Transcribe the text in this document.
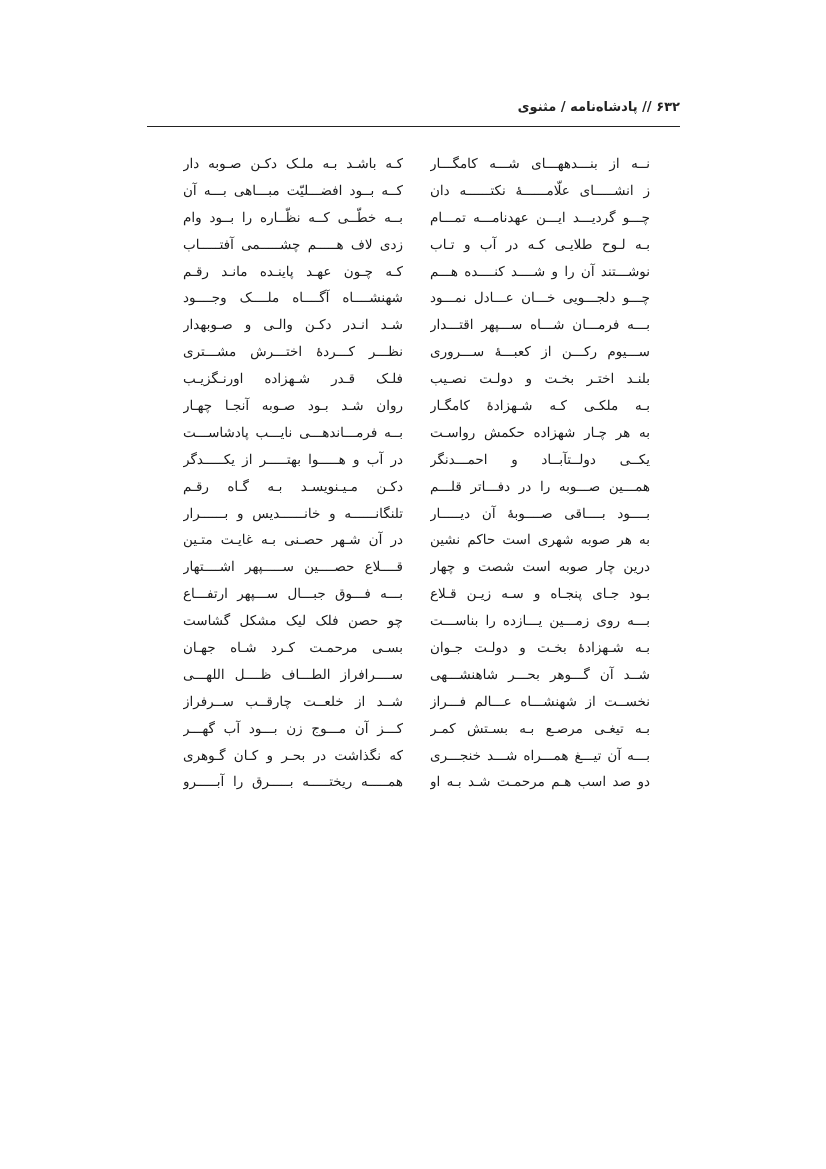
۶۳۲ // پادشاه‌نامه / مثنوی
نــه از بنـــدههـــای شـــه کامگـــار
ز انشـــــای علّامــــــۀ نکتــــــه دان
چـــو گردیـــد ایـــن عهدنامـــه تمـــام
بـه لـوح طلایـی کـه در آب و تـاب
نوشـــتند آن را و شــــد کنــــده هـــم
چـــو دلجـــویی خـــان عـــادل نمـــود
بـــه فرمـــان شـــاه ســـپهر اقتـــدار
ســـیوم رکـــن از کعبـــۀ ســـروری
بلنـد اختـر بخـت و دولـت نصـیب
بـه ملکـی کـه شـهزادۀ کامگـار
به هر چـار شهزاده حکمش رواسـت
یکــی دولــتآبــاد و احمـــدنگر
همـــین صـــوبه را در دفـــاتر قلـــم
بــــود بــــاقی صــــوبۀ آن دیـــــار
به هر صوبه شهری است حاکم نشین
درین چار صوبه است شصت و چهار
بـود جـای پنجـاه و سـه زیـن قـلاع
بـــه روی زمـــین یـــازده را بناســـت
بـه شـهزادۀ بخـت و دولـت جـوان
شــد آن گـــوهر بحـــر شاهنشـــهی
نخســت از شهنشـــاه عـــالم فـــراز
بـه تیغـی مرصـع بـه بسـتش کمـر
بـــه آن تیـــغ همـــراه شـــد خنجـــری
دو صد اسب هـم مرحمـت شـد بـه او
کـه باشـد بـه ملـک دکـن صـوبه دار
کــه بــود افضـــلیّت مبـــاهی بـــه آن
بــه خطّــی کــه نظّــاره را بــود وام
زدی لاف هـــــم چشـــــمی آفتـــــاب
کـه چـون عهـد پاینـده مانـد رقـم
شهنشــــاه آگــــاه ملــــک وجــــود
شـد انـدر دکـن والـی و صـوبهدار
نظـــر کـــردۀ اختـــرش مشـــتری
فلـک قـدر شـهزاده اورنـگزیـب
روان شـد بـود صـوبه آنجـا چهـار
بــه فرمـــاندهـــی نایـــب پادشاســـت
در آب و هـــــوا بهتـــــر از یکـــــدگر
دکـن مـیـنویسـد بـه گـاه رقـم
تلنگانــــــه و خانــــــدیس و بــــــرار
در آن شـهر حصـنی بـه غایـت متـین
قــــلاع حصــــین ســـــپهر اشــــتهار
بـــه فـــوق جبـــال ســـپهر ارتفـــاع
چو حصن فلک لیک مشکل گشاست
بسـی مرحمـت کـرد شـاه جهـان
ســــرافراز الطـــاف ظــــل اللهـــی
شــد از خلعــت چارقــب ســرفراز
کـــز آن مـــوج زن بـــود آب گهـــر
که نگذاشت در بحـر و کـان گـوهری
همـــــه ریختـــــه بـــــرق را آبـــــرو
